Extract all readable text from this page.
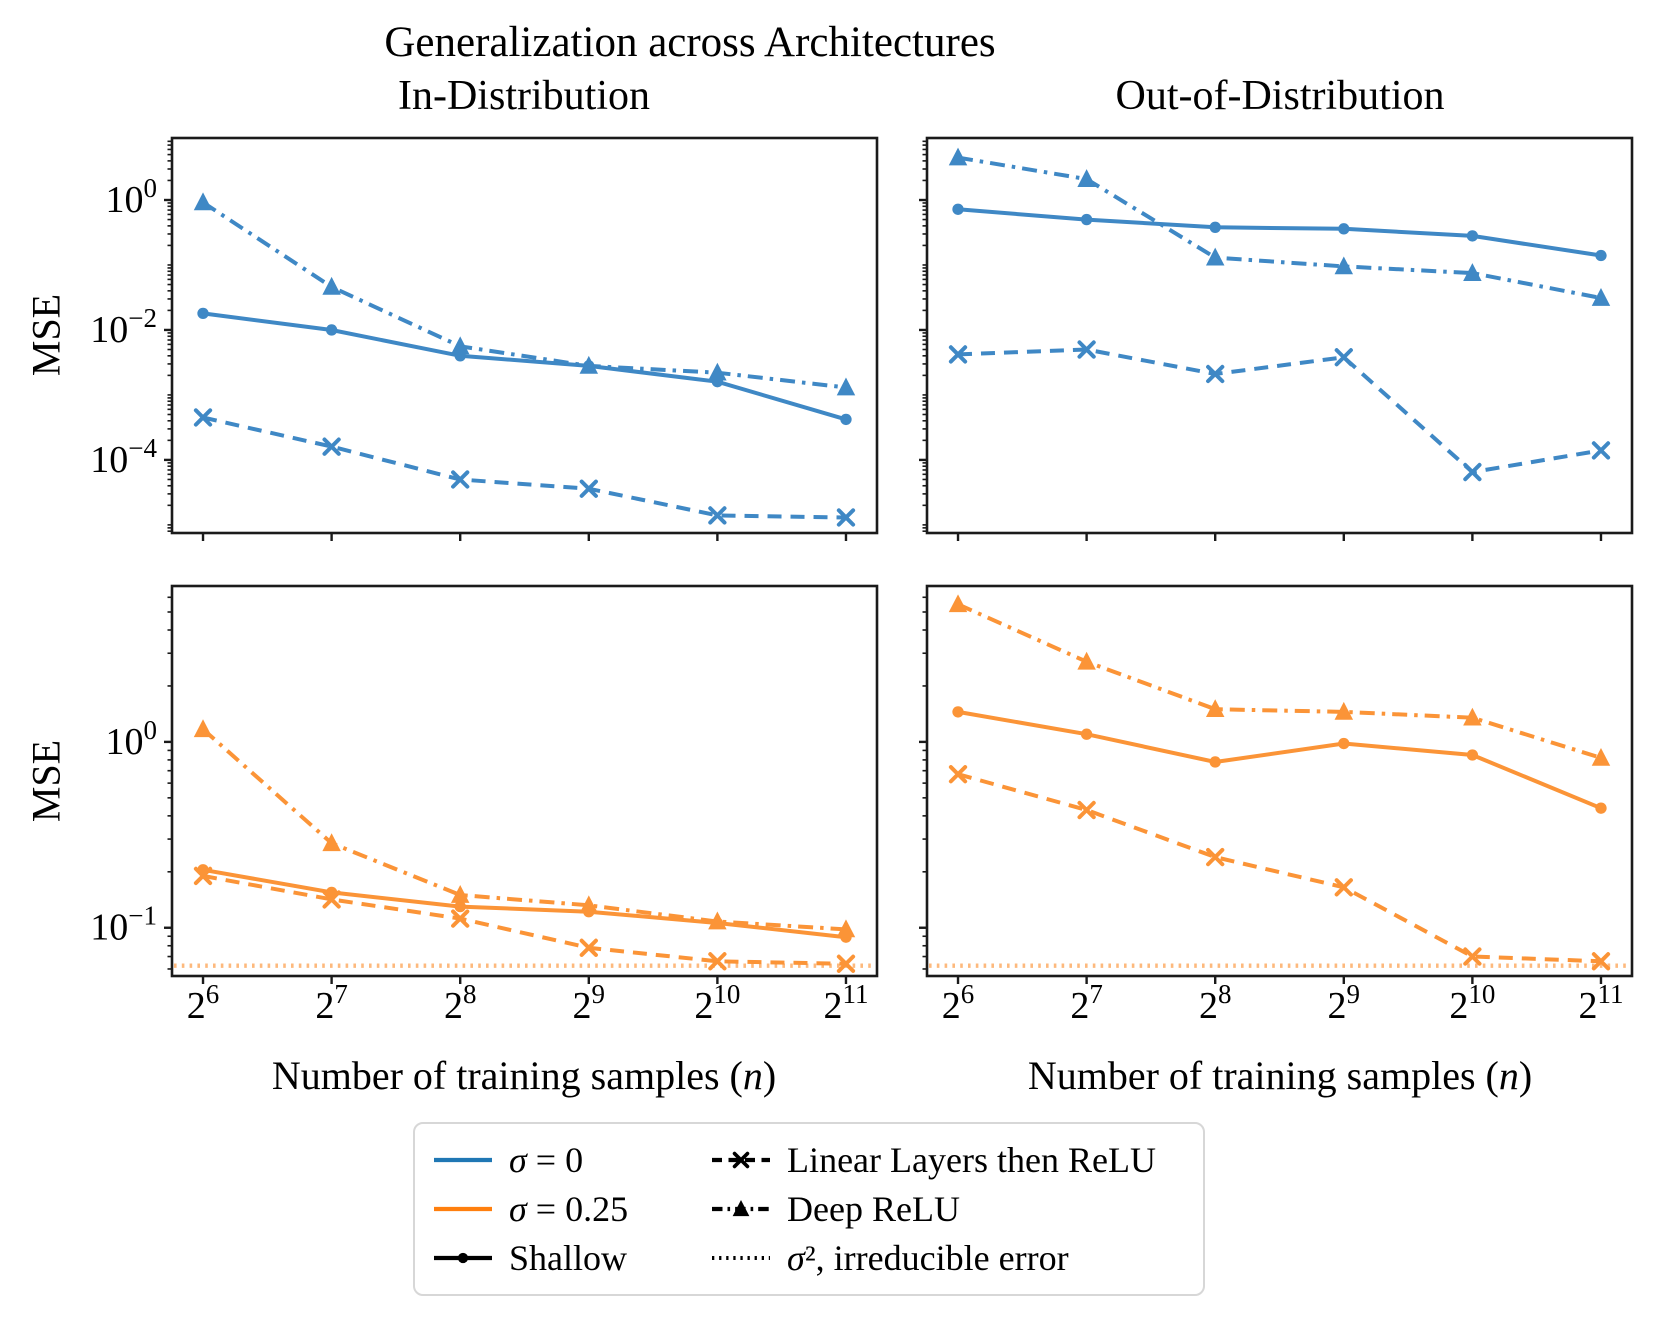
Generalization across Architectures
In-Distribution	Out-of-Distribution
MSE
MSE
$10^0$
$10^{-2}$
$10^{-4}$
$10^0$
$10^{-1}$
$2^6$	$2^7$	$2^8$	$2^9$ $2^{10}$ $2^{11}$ $2^6$	$2^7$	$2^8$	$2^9$ $2^{10}$ $2^{11}$
Number of training samples (n)	Number of training samples (n)
σ = 0
σ = 0.25
Shallow
Linear Layers then ReLU
Deep ReLU
σ², irreducible error
